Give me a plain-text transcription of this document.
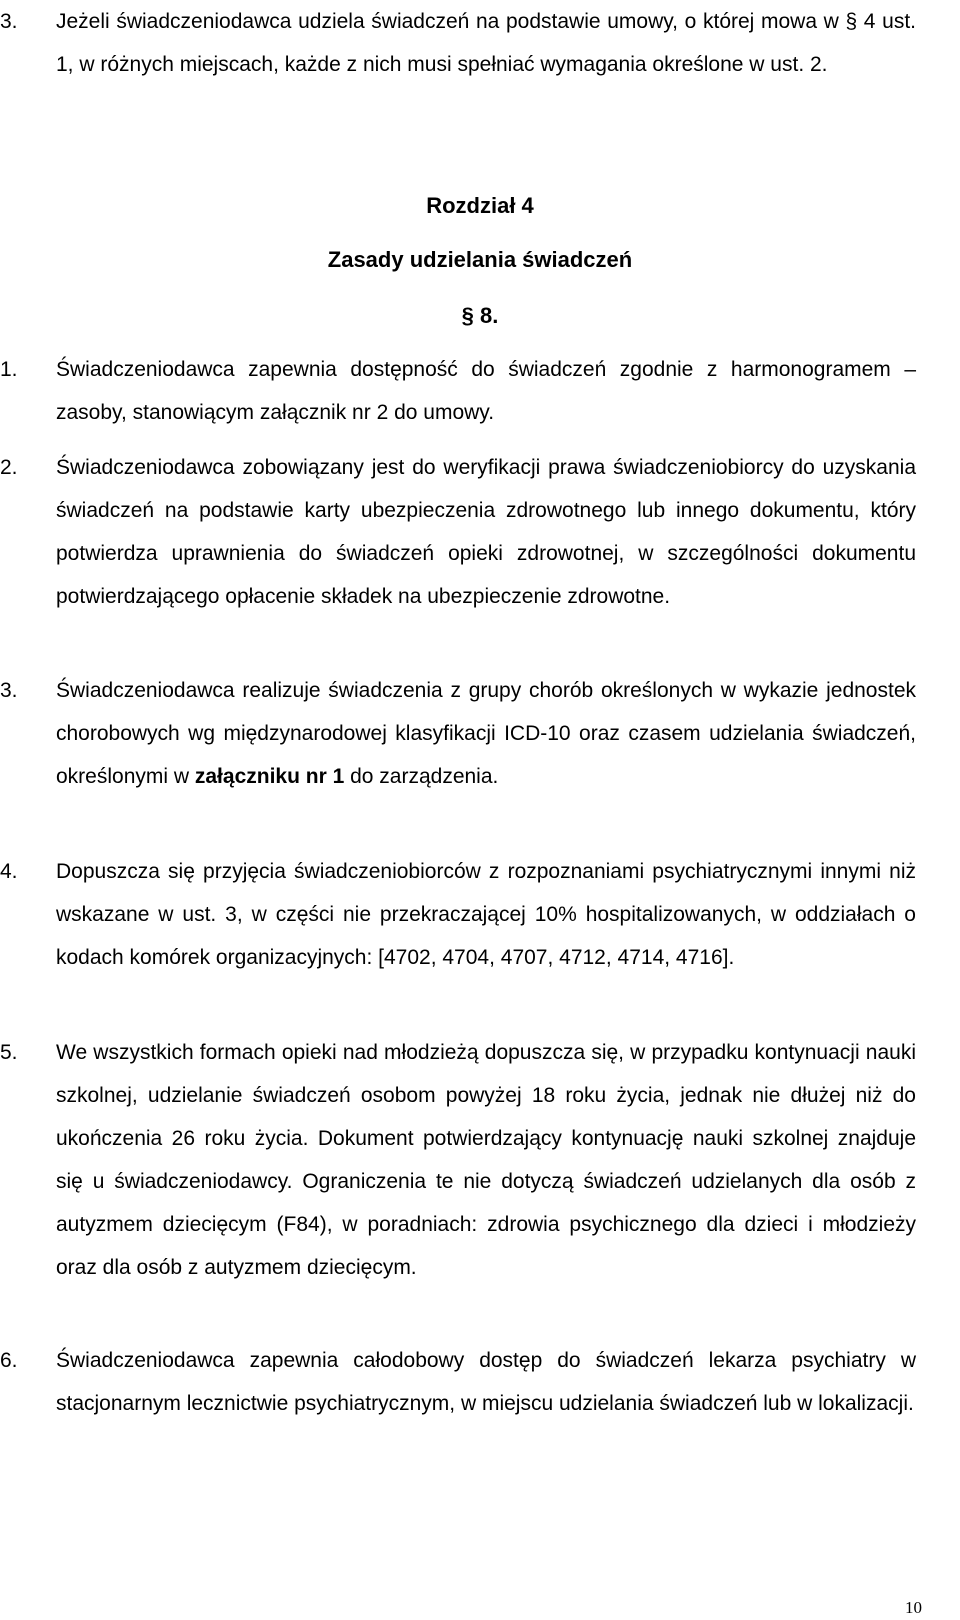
3.	Jeżeli świadczeniodawca udziela świadczeń na podstawie umowy, o której mowa w § 4 ust. 1, w różnych miejscach, każde z nich musi spełniać wymagania określone w ust. 2.

Rozdział 4

Zasady udzielania świadczeń

§ 8.

1.	Świadczeniodawca zapewnia dostępność do świadczeń zgodnie z harmonogramem – zasoby, stanowiącym załącznik nr 2 do umowy.

2.	Świadczeniodawca zobowiązany jest do weryfikacji prawa świadczeniobiorcy do uzyskania świadczeń na podstawie karty ubezpieczenia zdrowotnego lub innego dokumentu, który potwierdza uprawnienia do świadczeń opieki zdrowotnej, w szczególności dokumentu potwierdzającego opłacenie składek na ubezpieczenie zdrowotne.

3.	Świadczeniodawca realizuje świadczenia z grupy chorób określonych w wykazie jednostek chorobowych wg międzynarodowej klasyfikacji ICD-10 oraz czasem udzielania świadczeń, określonymi w załączniku nr 1 do zarządzenia.

4.	Dopuszcza się przyjęcia świadczeniobiorców z rozpoznaniami psychiatrycznymi innymi niż wskazane w ust. 3, w części nie przekraczającej 10% hospitalizowanych, w oddziałach o kodach komórek organizacyjnych: [4702, 4704, 4707, 4712, 4714, 4716].

5.	We wszystkich formach opieki nad młodzieżą dopuszcza się, w przypadku kontynuacji nauki szkolnej, udzielanie świadczeń osobom powyżej 18 roku życia, jednak nie dłużej niż do ukończenia 26 roku życia. Dokument potwierdzający kontynuację nauki szkolnej znajduje się u świadczeniodawcy. Ograniczenia te nie dotyczą świadczeń udzielanych dla osób z autyzmem dziecięcym (F84), w poradniach: zdrowia psychicznego dla dzieci i młodzieży oraz dla osób z autyzmem dziecięcym.

6.	Świadczeniodawca zapewnia całodobowy dostęp do świadczeń lekarza psychiatry w stacjonarnym lecznictwie psychiatrycznym, w miejscu udzielania świadczeń lub w lokalizacji.

10
